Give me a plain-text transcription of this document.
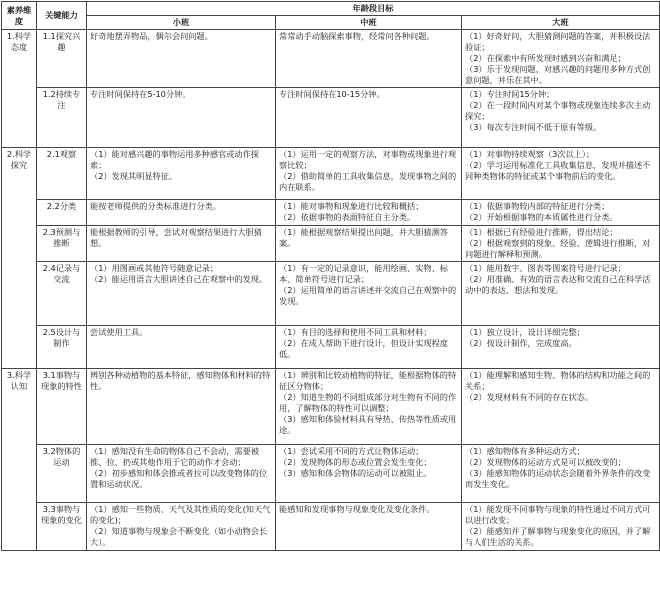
素养维度	关键能力	年龄段目标		
		小班	中班	大班
1.科学态度	1.1探究兴趣	好奇地摆弄物品，偶尔会问问题。	常常动手动脑探索事物，经常问各种问题。	（1）好奇好问，大胆猜测问题的答案，并积极设法验证；
（2）在探索中有所发现时感到兴奋和满足；
（3）乐于发现问题，对感兴趣的问题用多种方式创意问题，并乐在其中。

	1.2持续专注	专注时间保持在5-10分钟。	专注时间保持在10-15分钟。	（1）专注时间15分钟；
（2）在一段时间内对某个事物或现象连续多次主动探究；
（3）每次专注时间不低于原有等级。

2.科学探究	2.1观察	（1）能对感兴趣的事物运用多种感官或动作探索；
（2）发现其明显特征。	（1）运用一定的观察方法，对事物或现象进行观察比较；
（2）借助简单的工具收集信息，发现事物之间的内在联系。	（1）对事物持续观察（3次以上）；
（2）学习运用标准化工具收集信息，发现并描述不同种类物体的特征或某个事物前后的变化。

	2.2分类	能按老师提供的分类标准进行分类。	（1）能对事物和现象进行比较和概括；
（2）依据事物的表面特征自主分类。	（1）依据事物较内部的特征进行分类；
（2）开始根据事物的本质属性进行分类。

	2.3预测与推断	能根据教师的引导，尝试对观察结果进行大胆猜想。	（1）能根据观察结果提出问题，并大胆猜测答案。	（1）根据已有经验进行推断，得出结论；
（2）根据观察到的现象、经验、逻辑进行推断，对问题进行解释和预测。

	2.4记录与交流	（1）用图画或其他符号随意记录；
（2）能运用语言大胆讲述自己在观察中的发现。	（1）有一定的记录意识，能用绘画、实物、标本、简单符号进行记录；
（2）运用简单的语言讲述并交流自己在观察中的发现。	（1）能用数字、图表等图案符号进行记录；
（2）用准确、有效的语言表达和交流自己在科学活动中的表达、想法和发现。

	2.5设计与制作	尝试使用工具。	（1）有目的选择和使用不同工具和材料；
（2）在成人帮助下进行设计，但设计实现程度低。	（1）独立设计，设计详细完整；
（2）按设计制作，完成度高。

3.科学认知	3.1事物与现象的特性	辨别各种动植物的基本特征，感知物体和材料的特性。	（1）辨别和比较动植物的特征，能根据物体的特征区分物体；
（2）知道生物的不同组成部分对生物有不同的作用，了解物体的特性可以调整；
（3）感知和体验材料具有导热、传热等性质或用途。	（1）能理解和感知生物、物体的结构和功能之间的关系；
（2）发现材料有不同的存在状态。

	3.2物体的运动	（1）感知没有生命的物体自己不会动，需要被推、拉、扔或其他作用于它的动作才会动；
（2）初步感知和体会推或者拉可以改变物体的位置和运动状况。	（1）尝试采用不同的方式让物体运动；
（2）发现物体的形态或位置会发生变化；
（3）感知和体会物体的运动可以被阻止。	（1）感知物体有多种运动方式；
（2）发现物体的运动方式是可以被改变的；
（3）能感知物体的运动状态会随着外界条件的改变而发生变化。

	3.3事物与现象的变化	（1）感知一些物质、天气及其性质的变化(知天气的变化)；
（2）知道事物与现象会不断变化（如小动物会长大）。	能感知和发现事物与现象变化及变化条件。	（1）能发现不同事物与现象的特性通过不同方式可以进行改变；
（2）能感知并了解事物与现象变化的原因，并了解与人们生活的关系。
